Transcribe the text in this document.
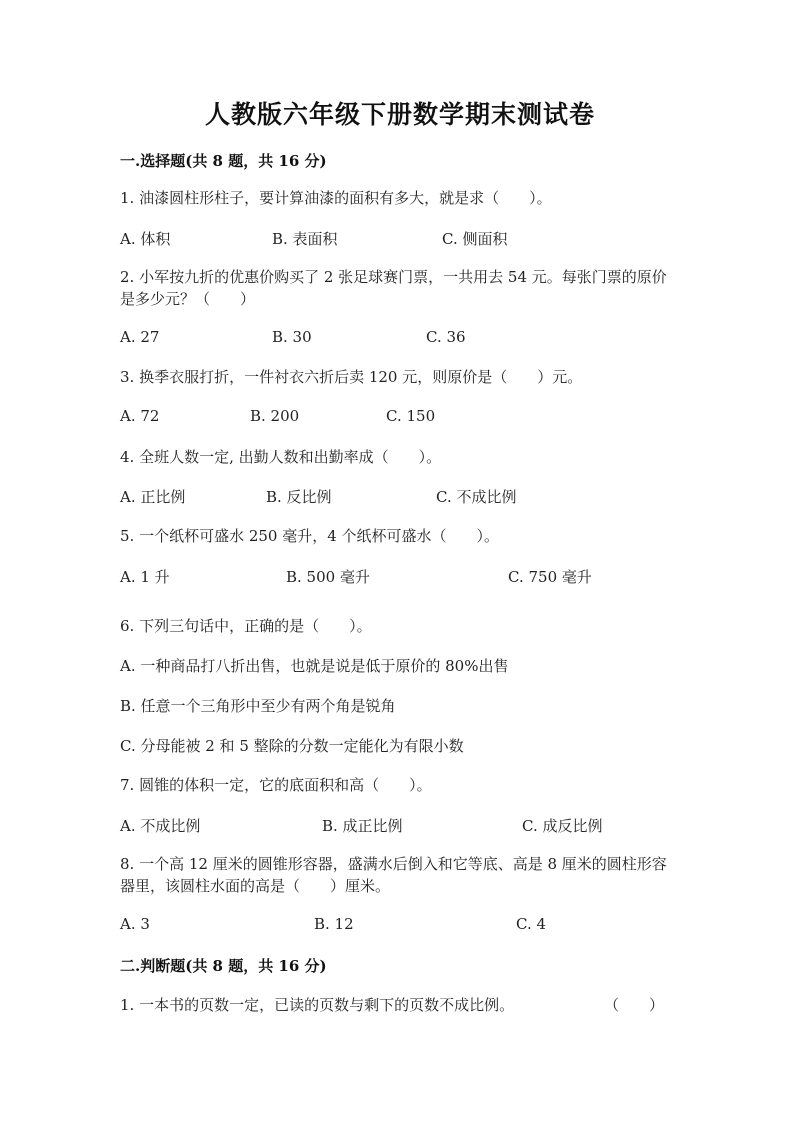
人教版六年级下册数学期末测试卷
一.选择题(共 8 题，共 16 分)
1. 油漆圆柱形柱子，要计算油漆的面积有多大，就是求（　　）。
A. 体积	B. 表面积	C. 侧面积
2. 小军按九折的优惠价购买了 2 张足球赛门票，一共用去 54 元。每张门票的原价是多少元？（　　）
A. 27	B. 30	C. 36
3. 换季衣服打折，一件衬衣六折后卖 120 元，则原价是（　　）元。
A. 72	B. 200	C. 150
4. 全班人数一定, 出勤人数和出勤率成（　　）。
A. 正比例	B. 反比例	C. 不成比例
5. 一个纸杯可盛水 250 毫升，4 个纸杯可盛水（　　）。
A. 1 升	B. 500 毫升	C. 750 毫升
6. 下列三句话中，正确的是（　　）。
A. 一种商品打八折出售，也就是说是低于原价的 80%出售
B. 任意一个三角形中至少有两个角是锐角
C. 分母能被 2 和 5 整除的分数一定能化为有限小数
7. 圆锥的体积一定，它的底面积和高（　　）。
A. 不成比例	B. 成正比例	C. 成反比例
8. 一个高 12 厘米的圆锥形容器，盛满水后倒入和它等底、高是 8 厘米的圆柱形容器里，该圆柱水面的高是（　　）厘米。
A. 3	B. 12	C. 4
二.判断题(共 8 题，共 16 分)
1. 一本书的页数一定，已读的页数与剩下的页数不成比例。	（　　）
